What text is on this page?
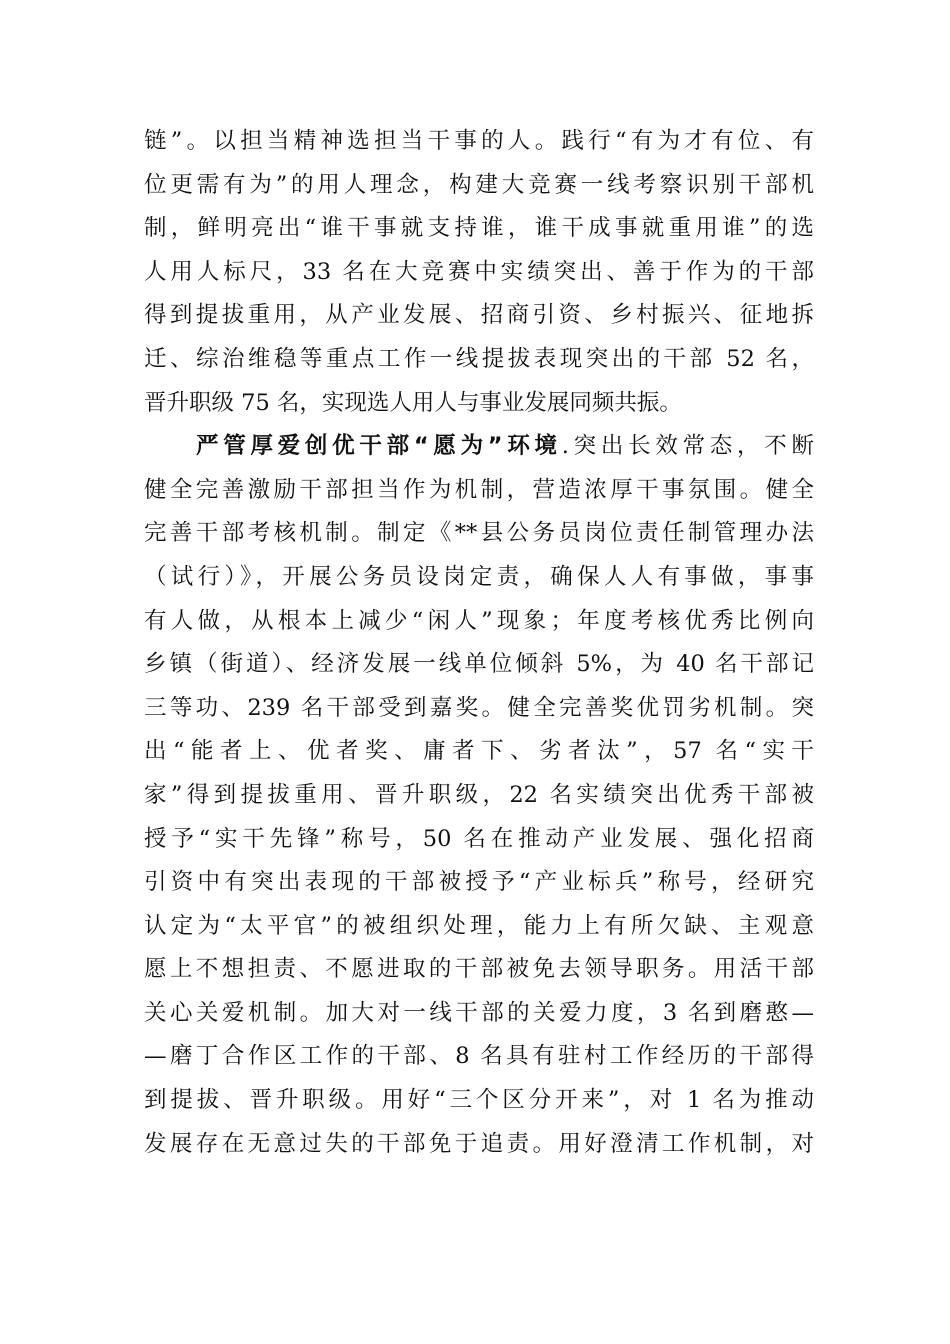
链”。以担当精神选担当干事的人。践行“有为才有位、有
位更需有为”的用人理念，构建大竞赛一线考察识别干部机
制，鲜明亮出“谁干事就支持谁，谁干成事就重用谁”的选
人用人标尺，33 名在大竞赛中实绩突出、善于作为的干部
得到提拔重用，从产业发展、招商引资、乡村振兴、征地拆
迁、综治维稳等重点工作一线提拔表现突出的干部 52 名，
晋升职级 75 名，实现选人用人与事业发展同频共振。
严管厚爱创优干部“愿为”环境.突出长效常态，不断
健全完善激励干部担当作为机制，营造浓厚干事氛围。健全
完善干部考核机制。制定《**县公务员岗位责任制管理办法
（试行）》，开展公务员设岗定责，确保人人有事做，事事
有人做，从根本上减少“闲人”现象；年度考核优秀比例向
乡镇（街道）、经济发展一线单位倾斜 5%，为 40 名干部记
三等功、239 名干部受到嘉奖。健全完善奖优罚劣机制。突
出“能者上、优者奖、庸者下、劣者汰”，57 名“实干
家”得到提拔重用、晋升职级，22 名实绩突出优秀干部被
授予“实干先锋”称号，50 名在推动产业发展、强化招商
引资中有突出表现的干部被授予“产业标兵”称号，经研究
认定为“太平官”的被组织处理，能力上有所欠缺、主观意
愿上不想担责、不愿进取的干部被免去领导职务。用活干部
关心关爱机制。加大对一线干部的关爱力度，3 名到磨憨—
—磨丁合作区工作的干部、8 名具有驻村工作经历的干部得
到提拔、晋升职级。用好“三个区分开来”，对 1 名为推动
发展存在无意过失的干部免于追责。用好澄清工作机制，对
